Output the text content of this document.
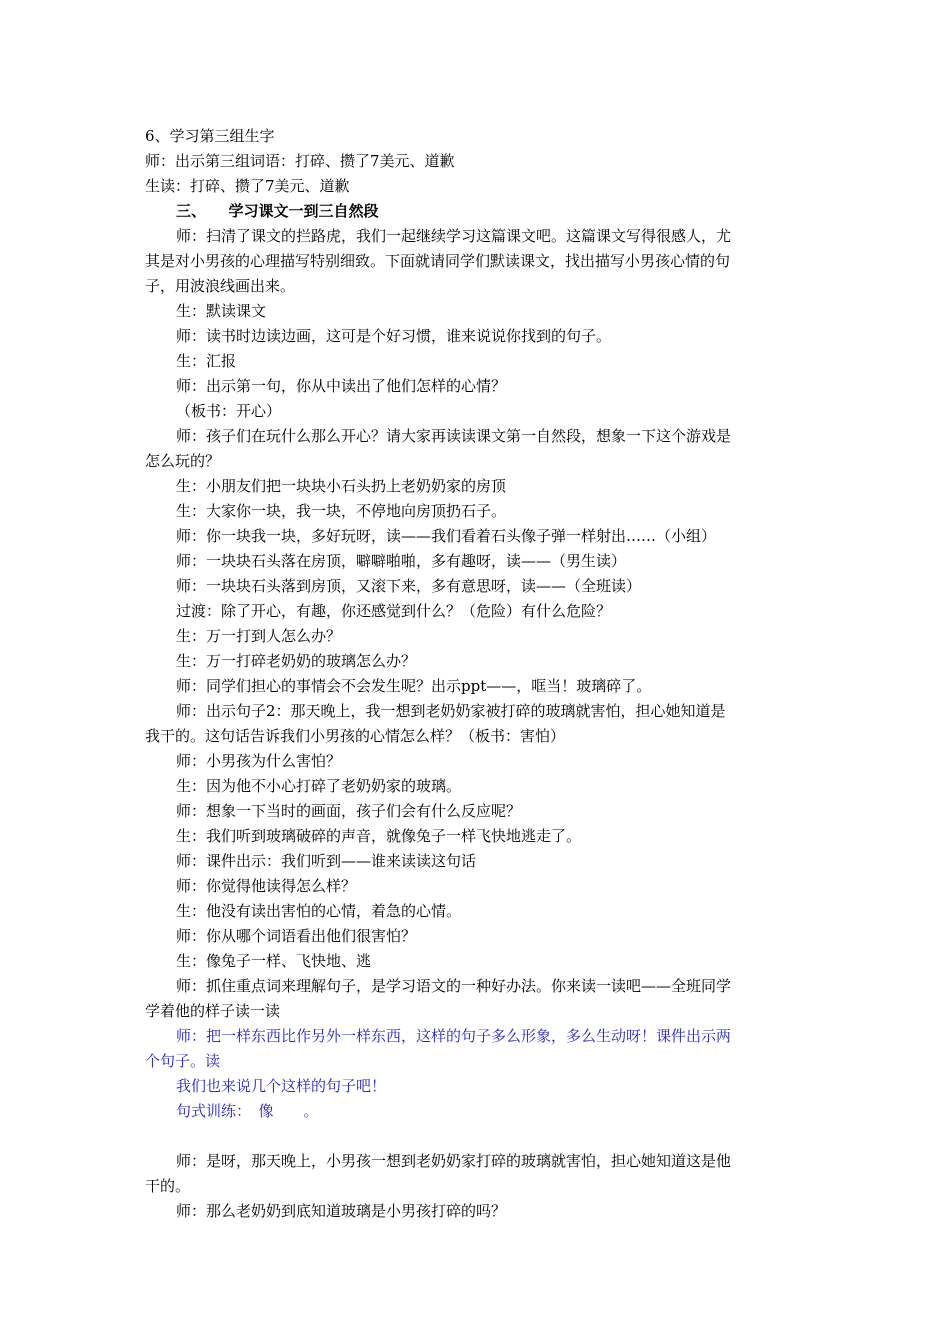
6、学习第三组生字
师：出示第三组词语：打碎、攒了7美元、道歉
生读：打碎、攒了7美元、道歉
三、　　学习课文一到三自然段
师：扫清了课文的拦路虎，我们一起继续学习这篇课文吧。这篇课文写得很感人，尤
其是对小男孩的心理描写特别细致。下面就请同学们默读课文，找出描写小男孩心情的句
子，用波浪线画出来。
生：默读课文
师：读书时边读边画，这可是个好习惯，谁来说说你找到的句子。
生：汇报
师：出示第一句，你从中读出了他们怎样的心情？
（板书：开心）
师：孩子们在玩什么那么开心？请大家再读读课文第一自然段，想象一下这个游戏是
怎么玩的？
生：小朋友们把一块块小石头扔上老奶奶家的房顶
生：大家你一块，我一块，不停地向房顶扔石子。
师：你一块我一块，多好玩呀，读——我们看着石头像子弹一样射出……（小组）
师：一块块石头落在房顶，噼噼啪啪，多有趣呀，读——（男生读）
师：一块块石头落到房顶，又滚下来，多有意思呀，读——（全班读）
过渡：除了开心，有趣，你还感觉到什么？（危险）有什么危险？
生：万一打到人怎么办？
生：万一打碎老奶奶的玻璃怎么办？
师：同学们担心的事情会不会发生呢？出示ppt——，哐当！玻璃碎了。
师：出示句子2：那天晚上，我一想到老奶奶家被打碎的玻璃就害怕，担心她知道是
我干的。这句话告诉我们小男孩的心情怎么样？（板书：害怕）
师：小男孩为什么害怕？
生：因为他不小心打碎了老奶奶家的玻璃。
师：想象一下当时的画面，孩子们会有什么反应呢？
生：我们听到玻璃破碎的声音，就像兔子一样飞快地逃走了。
师：课件出示：我们听到——谁来读读这句话
师：你觉得他读得怎么样？
生：他没有读出害怕的心情，着急的心情。
师：你从哪个词语看出他们很害怕？
生：像兔子一样、飞快地、逃
师：抓住重点词来理解句子，是学习语文的一种好办法。你来读一读吧——全班同学
学着他的样子读一读
师：把一样东西比作另外一样东西，这样的句子多么形象，多么生动呀！课件出示两
个句子。读
我们也来说几个这样的句子吧！
句式训练：　像　　。
师：是呀，那天晚上，小男孩一想到老奶奶家打碎的玻璃就害怕，担心她知道这是他
干的。
师：那么老奶奶到底知道玻璃是小男孩打碎的吗？
